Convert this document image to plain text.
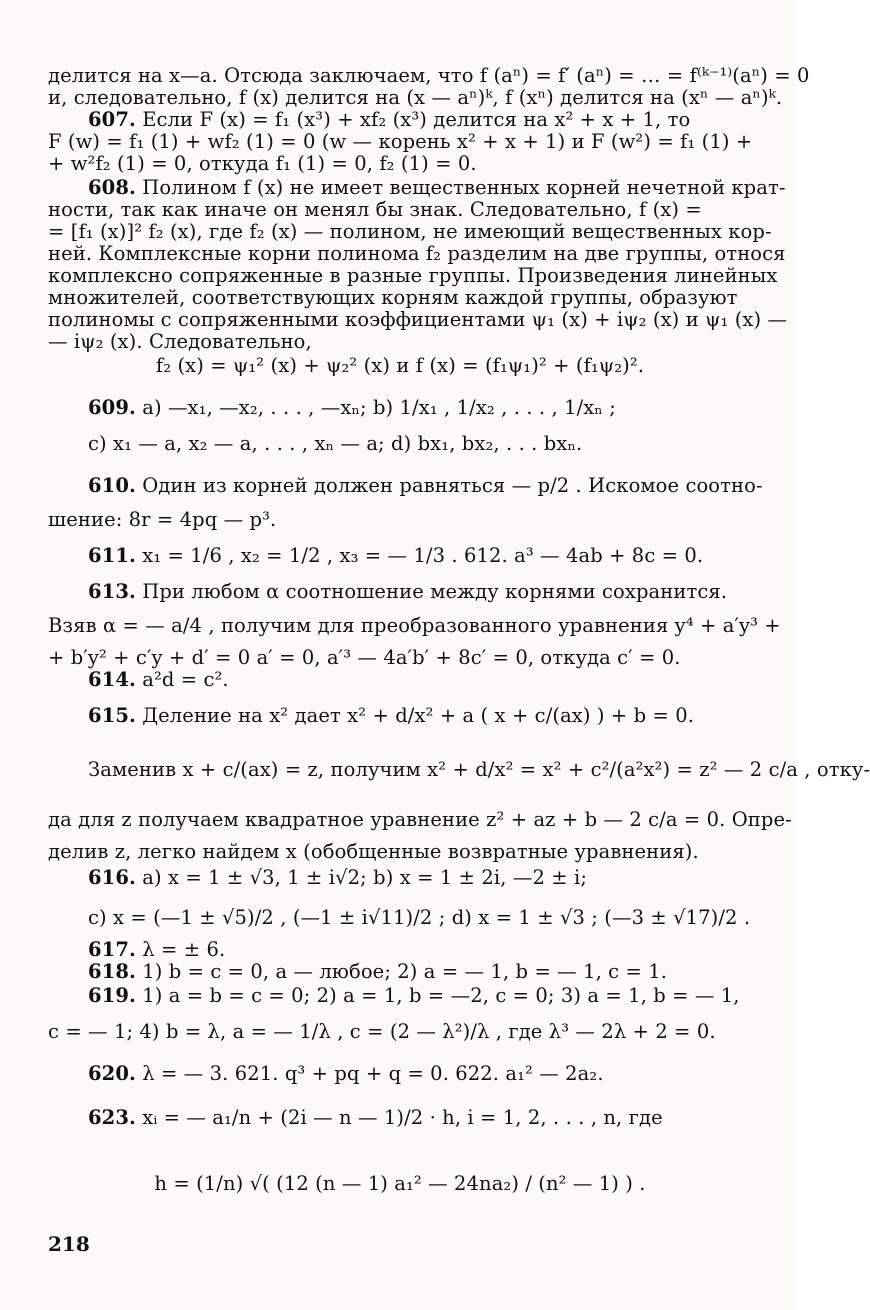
делится на x—a. Отсюда заключаем, что f (aⁿ) = f′ (aⁿ) = … = f⁽ᵏ⁻¹⁾(aⁿ) = 0
и, следовательно, f (x) делится на (x — aⁿ)ᵏ, f (xⁿ) делится на (xⁿ — aⁿ)ᵏ.
607. Если F (x) = f₁ (x³) + xf₂ (x³) делится на x² + x + 1, то
F (w) = f₁ (1) + wf₂ (1) = 0 (w — корень x² + x + 1) и F (w²) = f₁ (1) +
+ w²f₂ (1) = 0, откуда f₁ (1) = 0, f₂ (1) = 0.
608. Полином f (x) не имеет вещественных корней нечетной крат-
ности, так как иначе он менял бы знак. Следовательно, f (x) =
= [f₁ (x)]² f₂ (x), где f₂ (x) — полином, не имеющий вещественных кор-
ней. Комплексные корни полинома f₂ разделим на две группы, относя
комплексно сопряженные в разные группы. Произведения линейных
множителей, соответствующих корням каждой группы, образуют
полиномы с сопряженными коэффициентами ψ₁ (x) + iψ₂ (x) и ψ₁ (x) —
— iψ₂ (x). Следовательно,
f₂ (x) = ψ₁² (x) + ψ₂² (x) и f (x) = (f₁ψ₁)² + (f₁ψ₂)².
609. a) —x₁, —x₂, . . . , —xₙ; b) 1/x₁ , 1/x₂ , . . . , 1/xₙ ;
c) x₁ — a, x₂ — a, . . . , xₙ — a; d) bx₁, bx₂, . . . bxₙ.
610. Один из корней должен равняться — p/2 . Искомое соотно-
шение: 8r = 4pq — p³.
611. x₁ = 1/6 , x₂ = 1/2 , x₃ = — 1/3 . 612. a³ — 4ab + 8c = 0.
613. При любом α соотношение между корнями сохранится.
Взяв α = — a/4 , получим для преобразованного уравнения y⁴ + a′y³ +
+ b′y² + c′y + d′ = 0 a′ = 0, a′³ — 4a′b′ + 8c′ = 0, откуда c′ = 0.
614. a²d = c².
615. Деление на x² дает x² + d/x² + a ( x + c/(ax) ) + b = 0.
Заменив x + c/(ax) = z, получим x² + d/x² = x² + c²/(a²x²) = z² — 2 c/a , отку-
да для z получаем квадратное уравнение z² + az + b — 2 c/a = 0. Опре-
делив z, легко найдем x (обобщенные возвратные уравнения).
616. a) x = 1 ± √3, 1 ± i√2; b) x = 1 ± 2i, —2 ± i;
c) x = (—1 ± √5)/2 , (—1 ± i√11)/2 ; d) x = 1 ± √3 ; (—3 ± √17)/2 .
617. λ = ± 6.
618. 1) b = c = 0, a — любое; 2) a = — 1, b = — 1, c = 1.
619. 1) a = b = c = 0; 2) a = 1, b = —2, c = 0; 3) a = 1, b = — 1,
c = — 1; 4) b = λ, a = — 1/λ , c = (2 — λ²)/λ , где λ³ — 2λ + 2 = 0.
620. λ = — 3. 621. q³ + pq + q = 0. 622. a₁² — 2a₂.
623. xᵢ = — a₁/n + (2i — n — 1)/2 · h, i = 1, 2, . . . , n, где
h = (1/n) √( (12 (n — 1) a₁² — 24na₂) / (n² — 1) ) .
218
